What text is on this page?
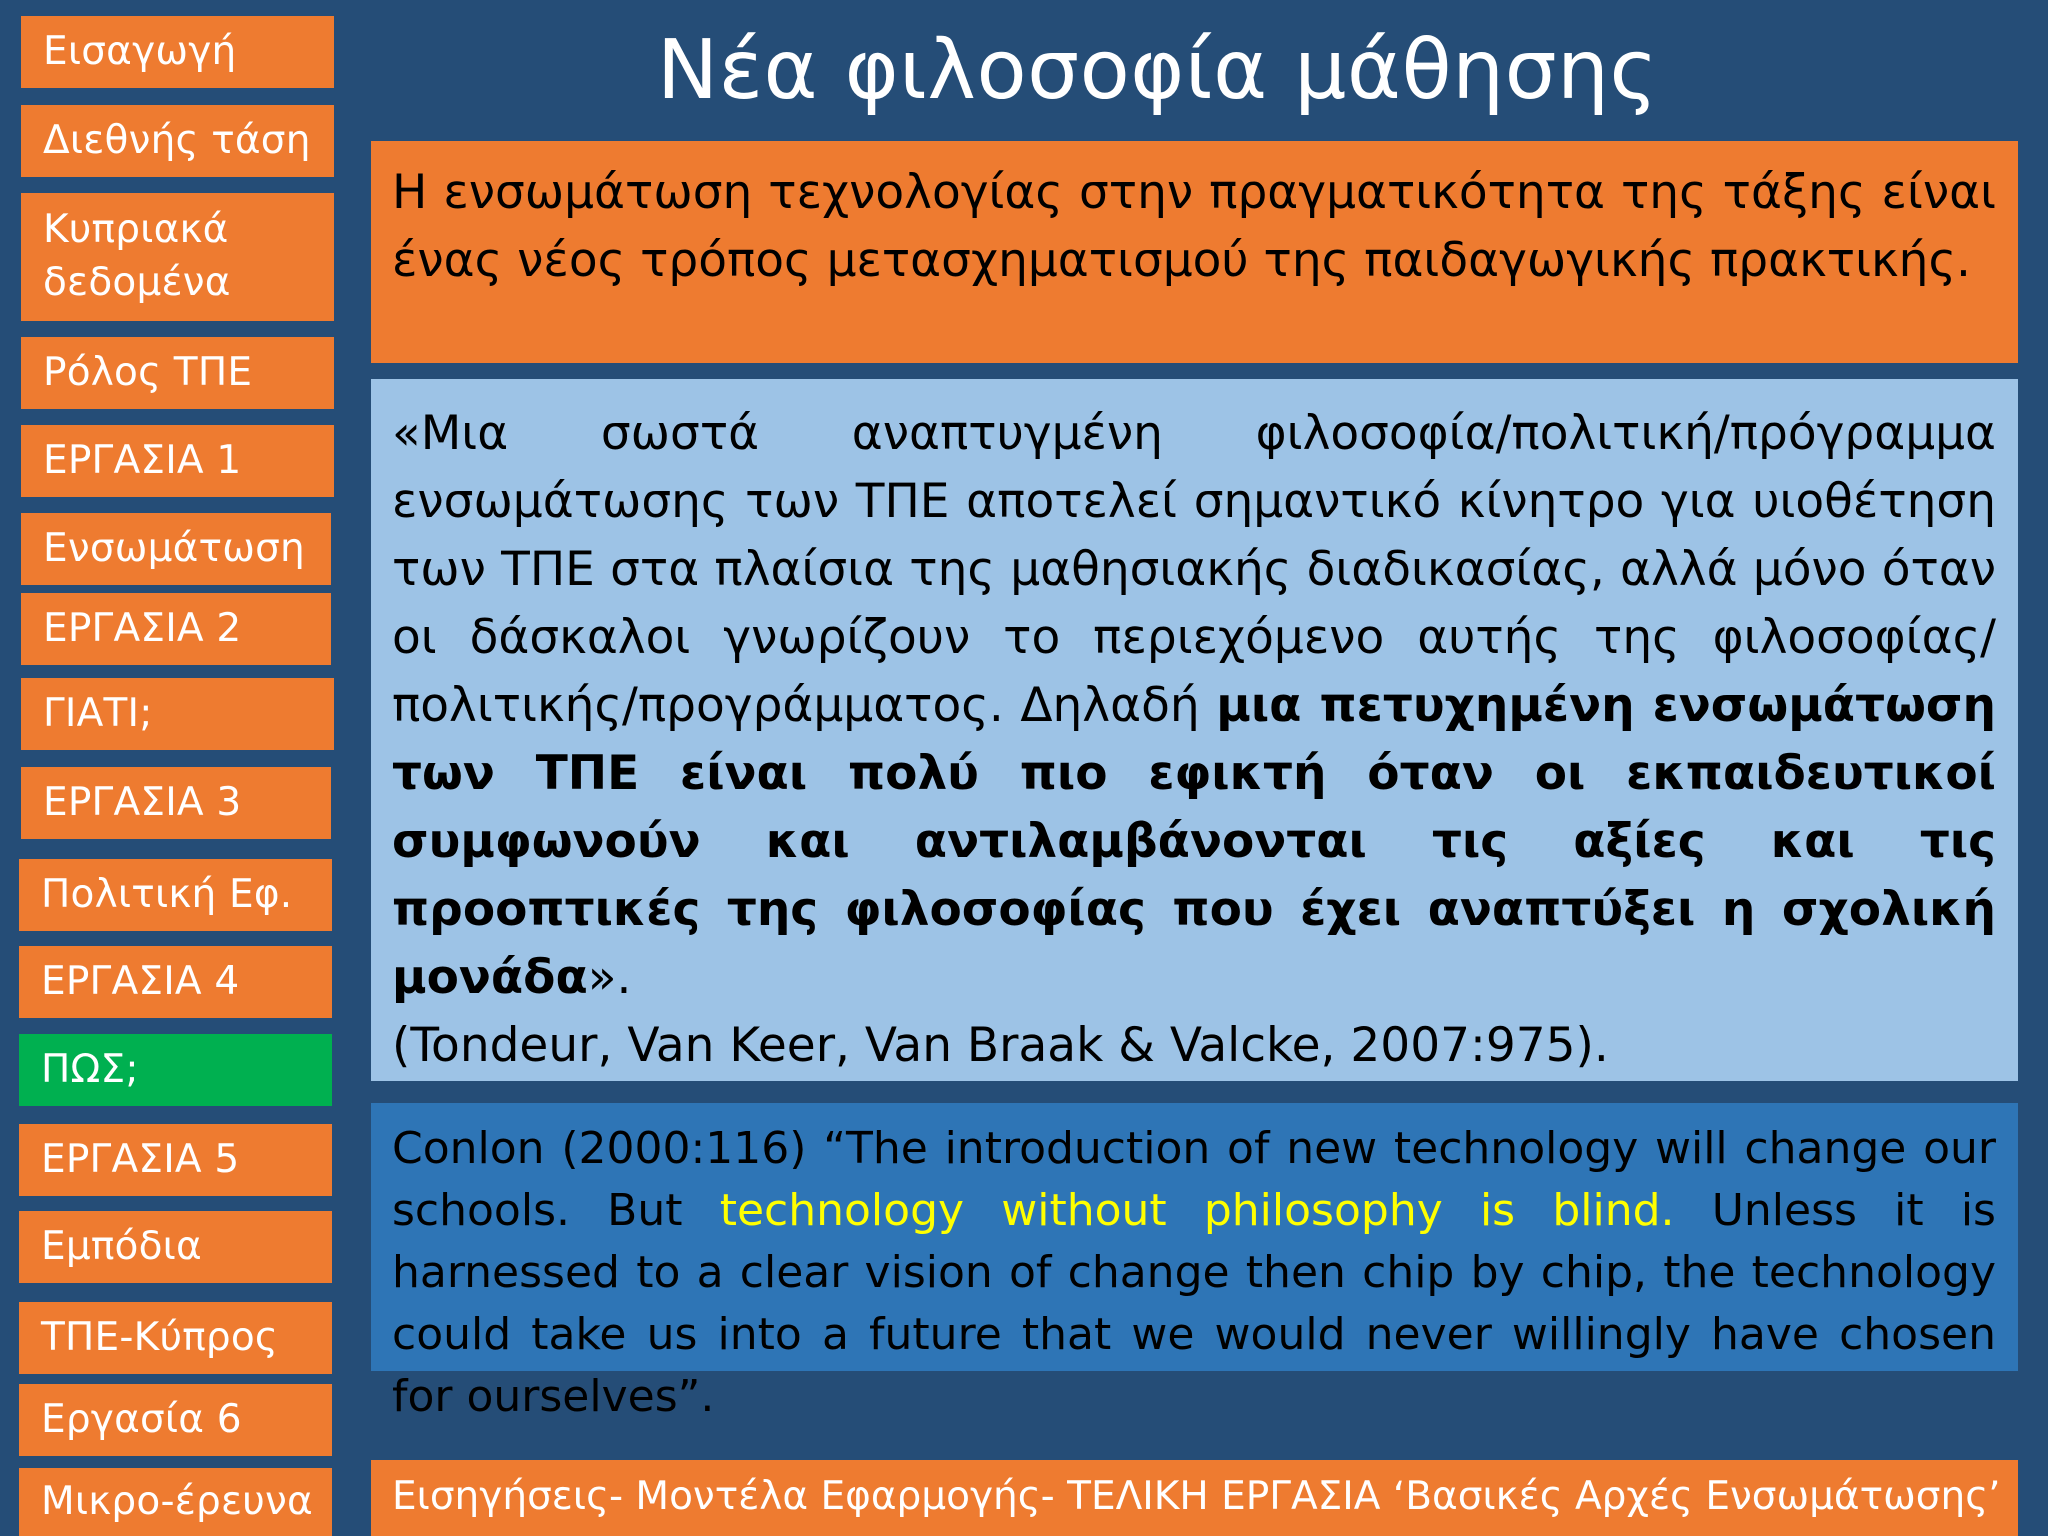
Εισαγωγή
Διεθνής τάση
Κυπριακά δεδομένα
Ρόλος ΤΠΕ
ΕΡΓΑΣΙΑ 1
Ενσωμάτωση
ΕΡΓΑΣΙΑ 2
ΓΙΑΤΙ;
ΕΡΓΑΣΙΑ 3
Πολιτική Εφ.
ΕΡΓΑΣΙΑ 4
ΠΩΣ;
ΕΡΓΑΣΙΑ 5
Εμπόδια
ΤΠΕ-Κύπρος
Εργασία 6
Μικρο-έρευνα
Νέα φιλοσοφία μάθησης
Η ενσωμάτωση τεχνολογίας στην πραγματικότητα της τάξης είναι ένας νέος τρόπος μετασχηματισμού της παιδαγωγικής πρακτικής.
«Μια σωστά αναπτυγμένη φιλοσοφία/πολιτική/πρόγραμμα ενσωμάτωσης των ΤΠΕ αποτελεί σημαντικό κίνητρο για υιοθέτηση των ΤΠΕ στα πλαίσια της μαθησιακής διαδικασίας, αλλά μόνο όταν οι δάσκαλοι γνωρίζουν το περιεχόμενο αυτής της φιλοσοφίας/πολιτικής/προγράμματος. Δηλαδή μια πετυχημένη ενσωμάτωση των ΤΠΕ είναι πολύ πιο εφικτή όταν οι εκπαιδευτικοί συμφωνούν και αντιλαμβάνονται τις αξίες και τις προοπτικές της φιλοσοφίας που έχει αναπτύξει η σχολική μονάδα».
(Tondeur, Van Keer, Van Braak & Valcke, 2007:975).
Conlon (2000:116) “The introduction of new technology will change our schools. But technology without philosophy is blind. Unless it is harnessed to a clear vision of change then chip by chip, the technology could take us into a future that we would never willingly have chosen for ourselves”.
Εισηγήσεις- Μοντέλα Εφαρμογής- ΤΕΛΙΚΗ ΕΡΓΑΣΙΑ ‘Βασικές Αρχές Ενσωμάτωσης’
